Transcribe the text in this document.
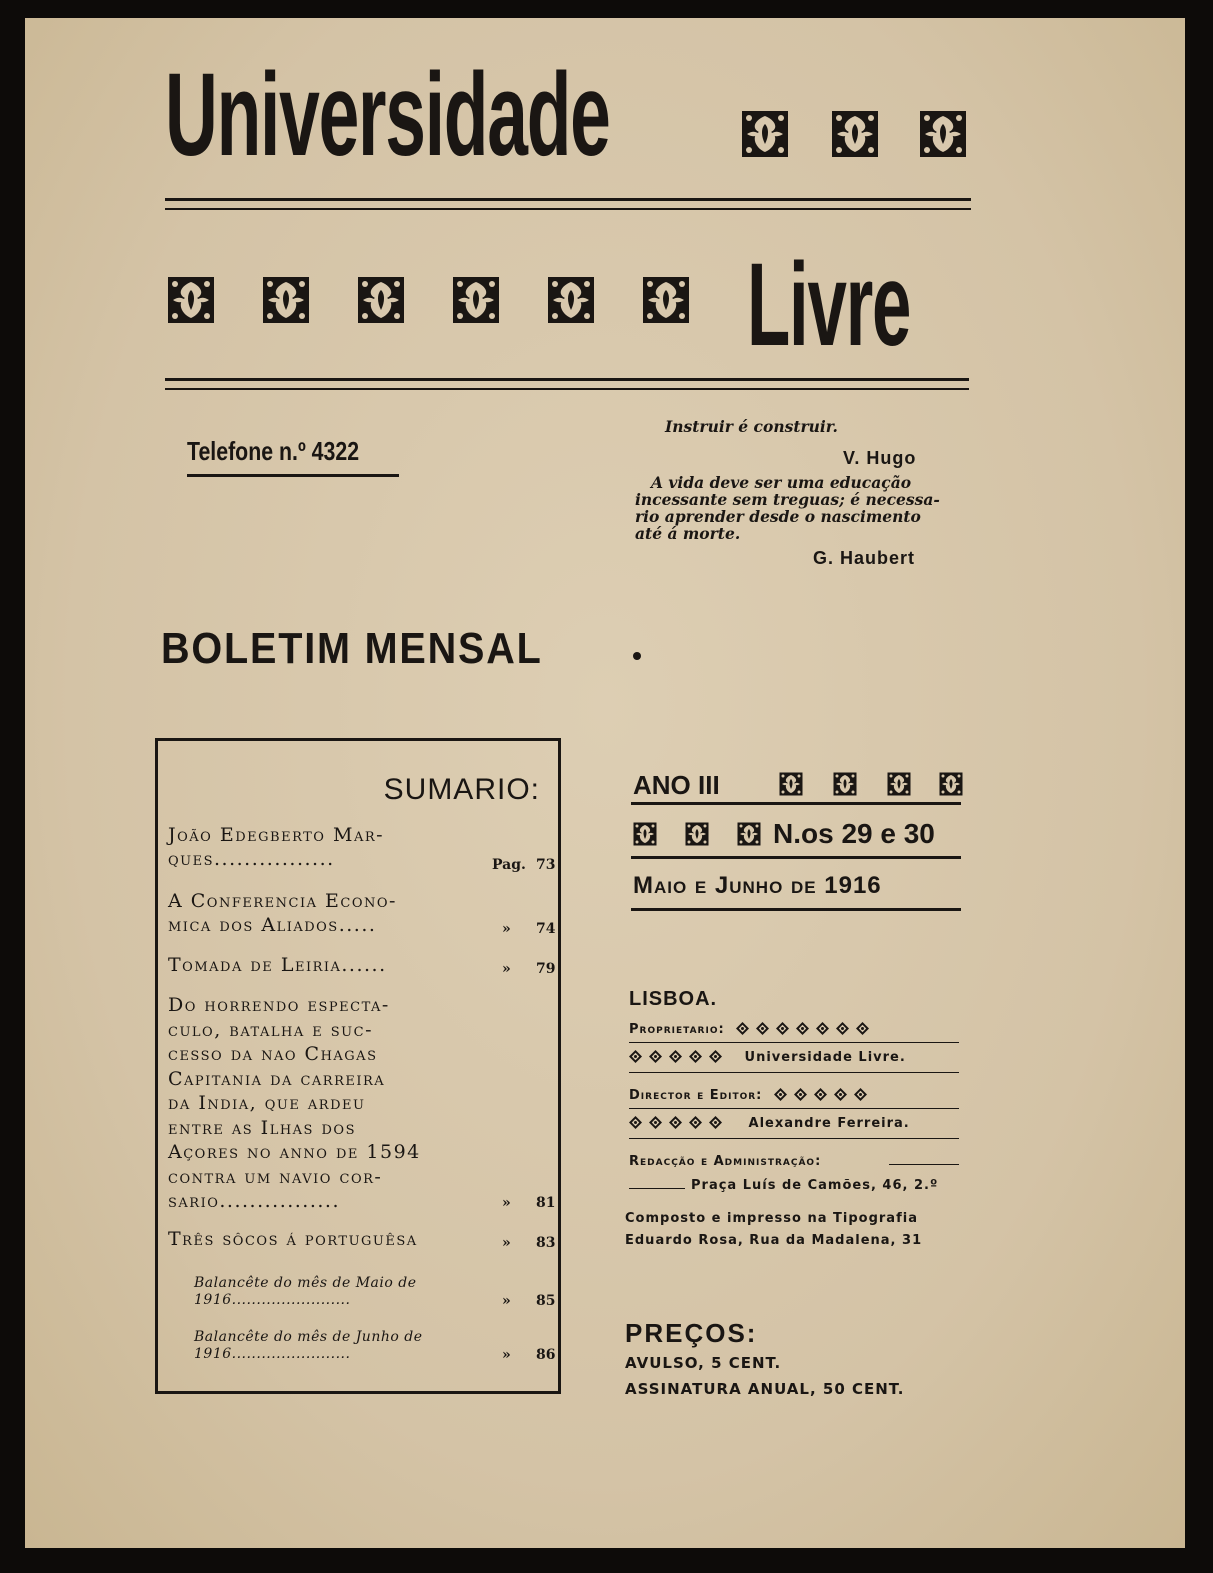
Universidade
Livre
Telefone n.º 4322
Instruir é construir.
V. Hugo
A vida deve ser uma educação
incessante sem treguas; é necessa-
rio aprender desde o nascimento
até á morte.
G. Haubert
BOLETIM MENSAL
SUMARIO:
João Edegberto Mar-
ques................	Pag. 73
A Conferencia Econo-
mica dos Aliados.....	» 74
Tomada de Leiria......	» 79
Do horrendo especta-
culo, batalha e suc-
cesso da nao Chagas
Capitania da carreira
da India, que ardeu
entre as Ilhas dos
Açores no anno de 1594
contra um navio cor-
sario................	» 81
Três sôcos á portuguêsa	» 83
Balancête do mês de Maio de
1916........................	» 85
Balancête do mês de Junho de
1916........................	» 86
ANO III
N.os 29 e 30
Maio e Junho de 1916
LISBOA.
Proprietario:
Universidade Livre.
Director e Editor:
Alexandre Ferreira.
Redacção e Administração:
Praça Luís de Camões, 46, 2.º
Composto e impresso na Tipografia
Eduardo Rosa, Rua da Madalena, 31
PREÇOS:
AVULSO, 5 CENT.
ASSINATURA ANUAL, 50 CENT.
